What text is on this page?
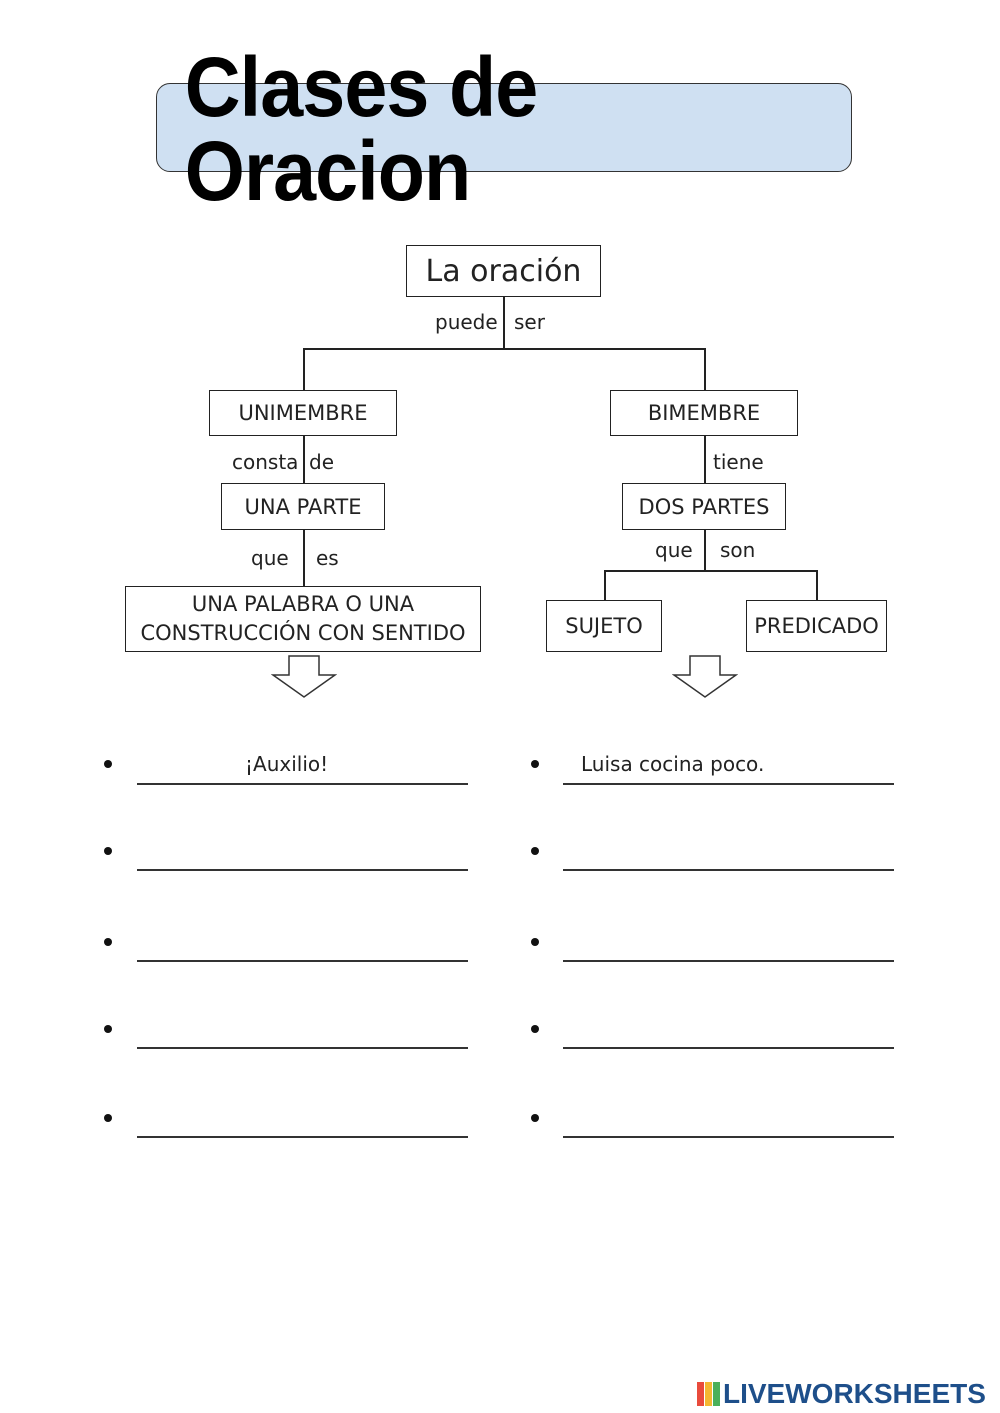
Clases de Oracion
La oración
puede ser
UNIMEMBRE
consta de
UNA PARTE
que es
UNA PALABRA O UNA
CONSTRUCCIÓN CON SENTIDO
BIMEMBRE
tiene
DOS PARTES
que son
SUJETO	PREDICADO
¡Auxilio!	Luisa cocina poco.
LIVEWORKSHEETS
